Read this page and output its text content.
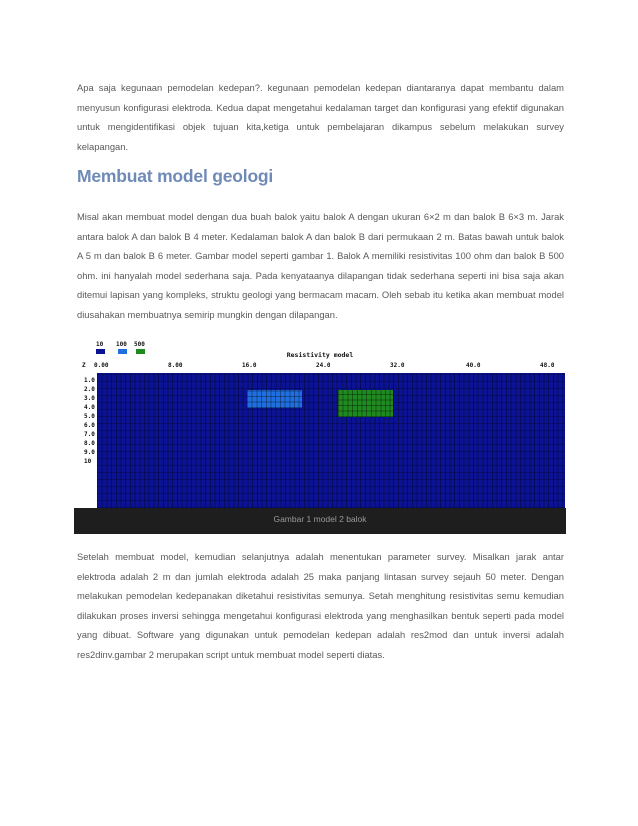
Apa saja kegunaan pemodelan kedepan?. kegunaan pemodelan kedepan diantaranya dapat membantu dalam menyusun konfigurasi elektroda. Kedua dapat mengetahui kedalaman target dan konfigurasi yang efektif digunakan untuk mengidentifikasi objek tujuan kita,ketiga untuk pembelajaran dikampus sebelum melakukan survey kelapangan.

Membuat model geologi

Misal akan membuat model dengan dua buah balok yaitu balok A dengan ukuran 6×2 m dan balok B 6×3 m. Jarak antara balok A dan balok B 4 meter. Kedalaman balok A dan balok B dari permukaan 2 m. Batas bawah untuk balok A 5 m dan balok B 6 meter. Gambar model seperti gambar 1. Balok A memiliki resistivitas 100 ohm dan balok B 500 ohm. ini hanyalah model sederhana saja. Pada kenyataanya dilapangan tidak sederhana seperti ini bisa saja akan ditemui lapisan yang kompleks, struktu geologi yang bermacam macam. Oleh sebab itu ketika akan membuat model diusahakan membuatnya semirip mungkin dengan dilapangan.

10 100 500
Resistivity model
Z 0.00	8.00	16.0	24.0	32.0	40.0	48.0
1.0
2.0
3.0
4.0
5.0
6.0
7.0
8.0
9.0
10
Gambar 1 model 2 balok

Setelah membuat model, kemudian selanjutnya adalah menentukan parameter survey. Misalkan jarak antar elektroda adalah 2 m dan jumlah elektroda adalah 25 maka panjang lintasan survey sejauh 50 meter. Dengan melakukan pemodelan kedepanakan diketahui resistivitas semunya. Setah menghitung resistivitas semu kemudian dilakukan proses inversi sehingga mengetahui konfigurasi elektroda yang menghasilkan bentuk seperti pada model yang dibuat. Software yang digunakan untuk pemodelan kedepan adalah res2mod dan untuk inversi adalah res2dinv.gambar 2 merupakan script untuk membuat model seperti diatas.
